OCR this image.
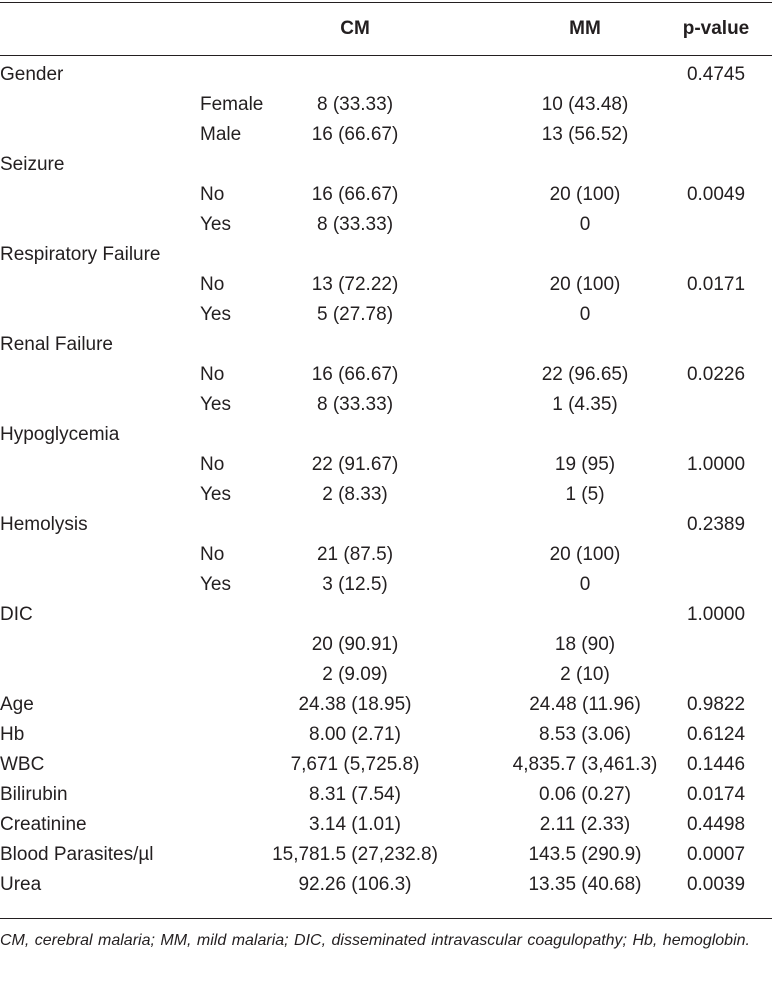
CM	MM	p-value
Gender	0.4745
Female	8 (33.33)	10 (43.48)
Male	16 (66.67)	13 (56.52)
Seizure
No	16 (66.67)	20 (100)	0.0049
Yes	8 (33.33)	0
Respiratory Failure
No	13 (72.22)	20 (100)	0.0171
Yes	5 (27.78)	0
Renal Failure
No	16 (66.67)	22 (96.65)	0.0226
Yes	8 (33.33)	1 (4.35)
Hypoglycemia
No	22 (91.67)	19 (95)	1.0000
Yes	2 (8.33)	1 (5)
Hemolysis	0.2389
No	21 (87.5)	20 (100)
Yes	3 (12.5)	0
DIC	1.0000
20 (90.91)	18 (90)
2 (9.09)	2 (10)
Age	24.38 (18.95)	24.48 (11.96)	0.9822
Hb	8.00 (2.71)	8.53 (3.06)	0.6124
WBC	7,671 (5,725.8)	4,835.7 (3,461.3)	0.1446
Bilirubin	8.31 (7.54)	0.06 (0.27)	0.0174
Creatinine	3.14 (1.01)	2.11 (2.33)	0.4498
Blood Parasites/µl	15,781.5 (27,232.8)	143.5 (290.9)	0.0007
Urea	92.26 (106.3)	13.35 (40.68)	0.0039
CM, cerebral malaria; MM, mild malaria; DIC, disseminated intravascular coagulopathy; Hb, hemoglobin.
